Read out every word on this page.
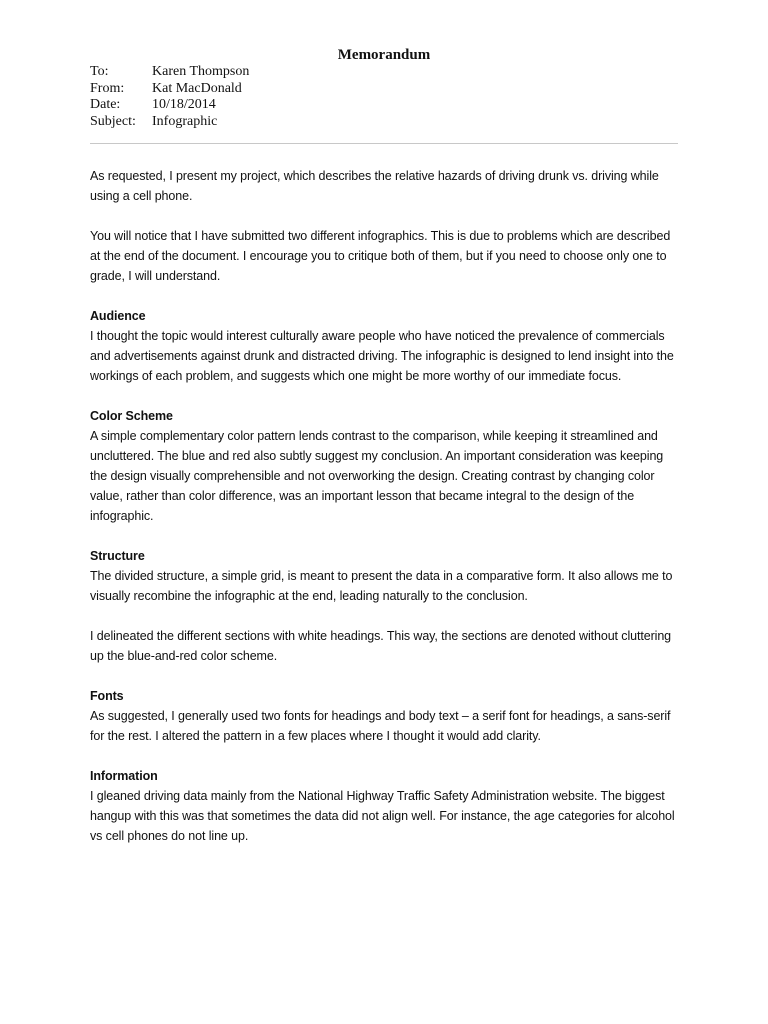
Memorandum
To:	Karen Thompson
From:	Kat MacDonald
Date:	10/18/2014
Subject:	Infographic

As requested, I present my project, which describes the relative hazards of driving drunk vs. driving while using a cell phone.

You will notice that I have submitted two different infographics. This is due to problems which are described at the end of the document. I encourage you to critique both of them, but if you need to choose only one to grade, I will understand.

Audience

I thought the topic would interest culturally aware people who have noticed the prevalence of commercials and advertisements against drunk and distracted driving. The infographic is designed to lend insight into the workings of each problem, and suggests which one might be more worthy of our immediate focus.

Color Scheme

A simple complementary color pattern lends contrast to the comparison, while keeping it streamlined and uncluttered. The blue and red also subtly suggest my conclusion. An important consideration was keeping the design visually comprehensible and not overworking the design. Creating contrast by changing color value, rather than color difference, was an important lesson that became integral to the design of the infographic.

Structure

The divided structure, a simple grid, is meant to present the data in a comparative form. It also allows me to visually recombine the infographic at the end, leading naturally to the conclusion.

I delineated the different sections with white headings. This way, the sections are denoted without cluttering up the blue-and-red color scheme.

Fonts

As suggested, I generally used two fonts for headings and body text – a serif font for headings, a sans-serif for the rest. I altered the pattern in a few places where I thought it would add clarity.

Information

I gleaned driving data mainly from the National Highway Traffic Safety Administration website. The biggest hangup with this was that sometimes the data did not align well. For instance, the age categories for alcohol vs cell phones do not line up.
